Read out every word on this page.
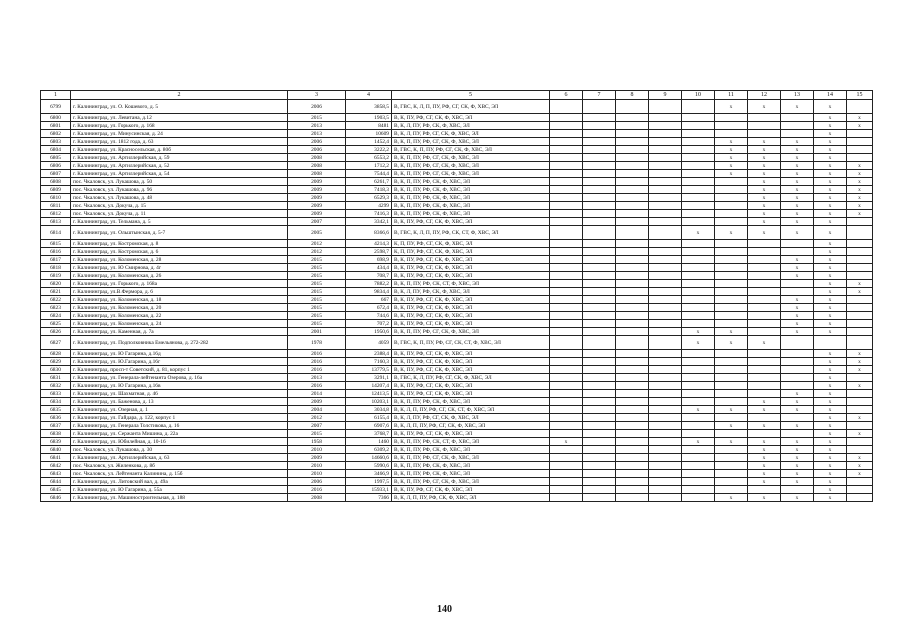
1	2	3	4	5	6	7	8	9	10	11	12	13	14	15
6799	г. Калининград, ул. О. Кошевого, д. 5	2006	3858,5	В, ГВС, К, Л, П, ПУ, РФ, СГ, СК, Ф, ХВС, ЭЛ						x	x	x	x	
6800	г. Калининград, ул. Левитана, д.12	2015	1903,5	В, К, ПУ, РФ, СГ, СК, Ф, ХВС, ЭЛ									x	x
6801	г. Калининград, ул. Горького, д. 168	2013	8481	В, К, Л, ПУ, РФ, СК, Ф, ХВС, ЭЛ									x	x
6802	г. Калининград, ул. Минусинская, д. 24	2013	10609	В, К, Л, ПУ, РФ, СГ, СК, Ф, ХВС, ЭЛ									x	
6803	г. Калининград, ул. 1812 года, д. 63	2006	1452,4	В, К, П, ПУ, РФ, СГ, СК, Ф, ХВС, ЭЛ						x	x	x	x	
6804	г. Калининград, ул. Красносельская, д. 80б	2006	3222,2	В, ГВС, К, П, ПУ, РФ, СГ, СК, Ф, ХВС, ЭЛ						x	x	x	x	
6805	г. Калининград, ул. Артиллерийская, д. 59	2008	6553,2	В, К, П, ПУ, РФ, СГ, СК, Ф, ХВС, ЭЛ						x	x	x	x	
6806	г. Калининград, ул. Артиллерийская, д. 52	2008	1712,2	В, К, П, ПУ, РФ, СГ, СК, Ф, ХВС, ЭЛ						x	x	x	x	x
6807	г. Калининград, ул. Артиллерийская, д. 54	2008	7544,4	В, К, П, ПУ, РФ, СГ, СК, Ф, ХВС, ЭЛ						x	x	x	x	x
6808	пос. Чкаловск, ул. Лукашова, д. 50	2009	6261,7	В, К, П, ПУ, РФ, СК, Ф, ХВС, ЭЛ							x	x	x	x
6809	пос. Чкаловск, ул. Лукашова, д. 96	2009	7418,3	В, К, П, ПУ, РФ, СК, Ф, ХВС, ЭЛ							x	x	x	x
6810	пос. Чкаловск, ул. Лукашова, д. 48	2009	6529,3	В, К, П, ПУ, РФ, СК, Ф, ХВС, ЭЛ							x	x	x	x
6811	пос. Чкаловск, ул. Докуча, д. 15	2009	4299	В, К, П, ПУ, РФ, СК, Ф, ХВС, ЭЛ							x	x	x	x
6812	пос. Чкаловск, ул. Докуча, д. 11	2009	7416,3	В, К, П, ПУ, РФ, СК, Ф, ХВС, ЭЛ							x	x	x	x
6813	г. Калининград, ул. Тельмана, д. 5	2007	3342,1	В, К, ПУ, РФ, СГ, СК, Ф, ХВС, ЭЛ							x	x	x	
6814	г. Калининград, ул. Ольштынская, д. 5-7	2005	8366,6	В, ГВС, К, Л, П, ПУ, РФ, СК, СТ, Ф, ХВС, ЭЛ					x	x	x	x	x	
6815	г. Калининград, ул. Костромская, д. 8	2012	4214,3	К, П, ПУ, РФ, СГ, СК, Ф, ХВС, ЭЛ									x	
6816	г. Калининград, ул. Костромская, д. 6	2012	2598,7	К, П, ПУ, РФ, СГ, СК, Ф, ХВС, ЭЛ									x	
6817	г. Калининград, ул. Коломенская, д. 28	2015	698,9	В, К, ПУ, РФ, СГ, СК, Ф, ХВС, ЭЛ								x	x	
6818	г. Калининград, ул. Ю Смирнова, д. 4г	2015	434,4	В, К, ПУ, РФ, СГ, СК, Ф, ХВС, ЭЛ								x	x	
6819	г. Калининград, ул. Коломенская, д. 26	2015	708,7	В, К, ПУ, РФ, СГ, СК, Ф, ХВС, ЭЛ								x	x	
6820	г. Калининград, ул. Горького, д. 168а	2015	7882,2	В, К, П, ПУ, РФ, СК, СТ, Ф, ХВС, ЭЛ									x	x
6821	г. Калининград, ул.В.Фермора, д. 6	2015	9834,4	В, К, Л, ПУ, РФ, СК, Ф, ХВС, ЭЛ									x	x
6822	г. Калининград, ул. Коломенская, д. 18	2015	667	В, К, ПУ, РФ, СГ, СК, Ф, ХВС, ЭЛ								x	x	
6823	г. Калининград, ул. Коломенская, д. 20	2015	672,4	В, К, ПУ, РФ, СГ, СК, Ф, ХВС, ЭЛ								x	x	
6824	г. Калининград, ул. Коломенская, д. 22	2015	744,6	В, К, ПУ, РФ, СГ, СК, Ф, ХВС, ЭЛ								x	x	
6825	г. Калининград, ул. Коломенская, д. 24	2015	707,2	В, К, ПУ, РФ, СГ, СК, Ф, ХВС, ЭЛ								x	x	
6826	г. Калининград, ул. Каменная, д. 7а	2001	1950,6	В, К, П, ПУ, РФ, СГ, СК, Ф, ХВС, ЭЛ					x	x		x	x	
6827	г. Калининград, ул. Подполковника Емельянова, д. 272-282	1978	4059	В, ГВС, К, П, ПУ, РФ, СГ, СК, СТ, Ф, ХВС, ЭЛ					x	x	x			
6828	г. Калининград, ул. Ю Гагарина, д.16д	2016	2388,4	В, К, ПУ, РФ, СГ, СК, Ф, ХВС, ЭЛ									x	x
6829	г. Калининград, ул. Ю.Гагарина, д.16г	2016	7160,3	В, К, ПУ, РФ, СГ, СК, Ф, ХВС, ЭЛ									x	x
6830	г. Калининград, просп-т Советский, д. 81, корпус 1	2016	13779,5	В, К, ПУ, РФ, СГ, СК, Ф, ХВС, ЭЛ									x	x
6831	г. Калининград, ул. Генерала-лейтенанта Озерова, д. 16а	2013	3291,1	В, ГВС, К, Л, ПУ, РФ, СГ, СК, Ф, ХВС, ЭЛ									x	
6832	г. Калининград, ул. Ю Гагарина, д.16в	2016	14207,4	В, К, ПУ, РФ, СГ, СК, Ф, ХВС, ЭЛ									x	x
6833	г. Калининград, ул. Шахматная, д. 46	2014	12413,5	В, К, ПУ, РФ, СГ, СК, Ф, ХВС, ЭЛ								x	x	
6834	г. Калининград, ул. Баженова, д. 13	2009	10203,1	В, К, П, ПУ, РФ, СК, Ф, ХВС, ЭЛ							x	x	x	
6835	г. Калининград, ул. Озерная, д. 1	2004	3034,8	В, К, Л, П, ПУ, РФ, СГ, СК, СТ, Ф, ХВС, ЭЛ					x	x	x	x	x	
6836	г. Калининград, ул. Гайдара, д. 122, корпус 1	2012	6155,4	В, К, Л, ПУ, РФ, СГ, СК, Ф, ХВС, ЭЛ									x	x
6837	г. Калининград, ул. Генерала Толстикова, д. 16	2007	6907,6	В, К, Л, П, ПУ, РФ, СГ, СК, Ф, ХВС, ЭЛ						x	x	x	x	
6838	г. Калининград, ул. Сержанта Мишина, д. 22а	2015	3768,7	В, К, ПУ, РФ, СГ, СК, Ф, ХВС, ЭЛ									x	x
6839	г. Калининград, ул. Юбилейная, д. 10-16	1958	1460	В, К, П, ПУ, РФ, СК, СТ, Ф, ХВС, ЭЛ	x				x	x	x	x	x	
6840	пос. Чкаловск, ул. Лукашова, д. 30	2010	6309,2	В, К, П, ПУ, РФ, СК, Ф, ХВС, ЭЛ							x	x	x	
6841	г. Калининград, ул. Артиллерийская, д. 63	2009	14660,6	В, К, П, ПУ, РФ, СГ, СК, Ф, ХВС, ЭЛ							x	x	x	x
6842	пос. Чкаловск, ул. Жиленкова, д. 8б	2010	5990,6	В, К, П, ПУ, РФ, СК, Ф, ХВС, ЭЛ							x	x	x	x
6843	пос. Чкаловск, ул. Лейтенанта Калинина, д. 15б	2010	3466,9	В, К, П, ПУ, РФ, СК, Ф, ХВС, ЭЛ							x	x	x	x
6844	г. Калининград, ул. Литовский вал, д. 49а	2006	1997,5	В, К, П, ПУ, РФ, СГ, СК, Ф, ХВС, ЭЛ							x	x	x	
6845	г. Калининград, ул. Ю Гагарина, д. 55а	2016	15933,1	В, К, ПУ, РФ, СГ, СК, Ф, ХВС, ЭЛ									x	
6846	г. Калининград, ул. Машиностроительная, д. 188	2008	7366	В, К, Л, П, ПУ, РФ, СК, Ф, ХВС, ЭЛ						x	x	x	x	
140
